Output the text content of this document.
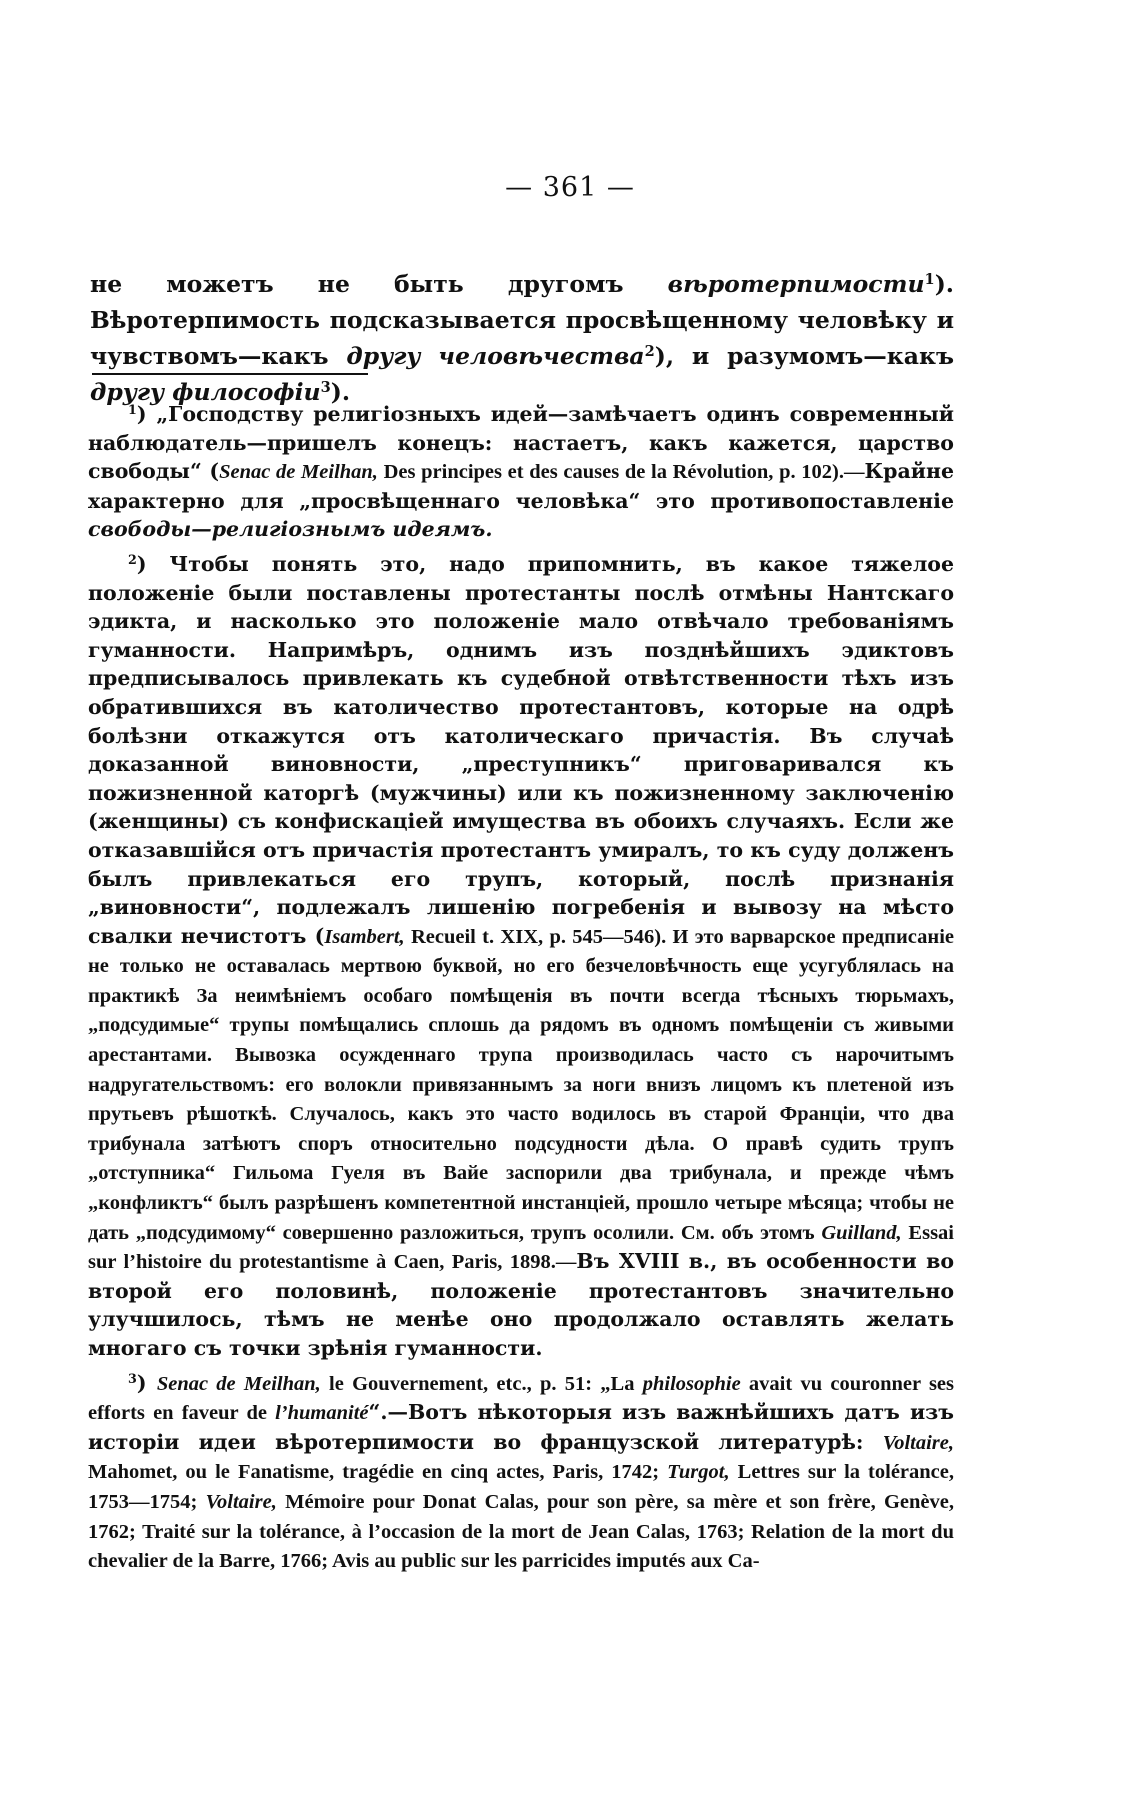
— 361 —

не можетъ не быть другомъ вѣротерпимости$^1$). Вѣротерпимость подсказывается просвѣщенному человѣку и чувствомъ—какъ другу человѣчества$^2$), и разумомъ—какъ другу философіи$^3$).

$^1$) „Господству религіозныхъ идей—замѣчаетъ одинъ современный наблюдатель—пришелъ конецъ: настаетъ, какъ кажется, царство свободы“ (Senac de Meilhan, Des principes et des causes de la Révolution, p. 102).—Крайне характерно для „просвѣщеннаго человѣка“ это противопоставленіе свободы—религіознымъ идеямъ.

$^2$) Чтобы понять это, надо припомнить, въ какое тяжелое положеніе были поставлены протестанты послѣ отмѣны Нантскаго эдикта, и насколько это положеніе мало отвѣчало требованіямъ гуманности. Напримѣръ, однимъ изъ позднѣйшихъ эдиктовъ предписывалось привлекать къ судебной отвѣтственности тѣхъ изъ обратившихся въ католичество протестантовъ, которые на одрѣ болѣзни откажутся отъ католическаго причастія. Въ случаѣ доказанной виновности, „преступникъ“ приговаривался къ пожизненной каторгѣ (мужчины) или къ пожизненному заключенію (женщины) съ конфискаціей имущества въ обоихъ случаяхъ. Если же отказавшійся отъ причастія протестантъ умиралъ, то къ суду долженъ былъ привлекаться его трупъ, который, послѣ признанія „виновности“, подлежалъ лишенію погребенія и вывозу на мѣсто свалки нечистотъ (Isambert, Recueil t. XIX, p. 545—546). И это варварское предписаніе не только не оставалась мертвою буквой, но его безчеловѣчность еще усугублялась на практикѣ За неимѣніемъ особаго помѣщенія въ почти всегда тѣсныхъ тюрьмахъ, „подсудимые“ трупы помѣщались сплошь да рядомъ въ одномъ помѣщеніи съ живыми арестантами. Вывозка осужденнаго трупа производилась часто съ нарочитымъ надругательствомъ: его волокли привязаннымъ за ноги внизъ лицомъ къ плетеной изъ прутьевъ рѣшоткѣ. Случалось, какъ это часто водилось въ старой Франціи, что два трибунала затѣютъ споръ относительно подсудности дѣла. О правѣ судить трупъ „отступника“ Гильома Гуеля въ Вайе заспорили два трибунала, и прежде чѣмъ „конфликтъ“ былъ разрѣшенъ компетентной инстанціей, прошло четыре мѣсяца; чтобы не дать „подсудимому“ совершенно разложиться, трупъ осолили. См. объ этомъ Guilland, Essai sur l’histoire du protestantisme à Caen, Paris, 1898.—Въ XVIII в., въ особенности во второй его половинѣ, положеніе протестантовъ значительно улучшилось, тѣмъ не менѣе оно продолжало оставлять желать многаго съ точки зрѣнія гуманности.

$^3$) Senac de Meilhan, le Gouvernement, etc., p. 51: „La philosophie avait vu couronner ses efforts en faveur de l’humanité“.—Вотъ нѣкоторыя изъ важнѣйшихъ датъ изъ исторіи идеи вѣротерпимости во французской литературѣ: Voltaire, Mahomet, ou le Fanatisme, tragédie en cinq actes, Paris, 1742; Turgot, Lettres sur la tolérance, 1753—1754; Voltaire, Mémoire pour Donat Calas, pour son père, sa mère et son frère, Genève, 1762; Traité sur la tolérance, à l’occasion de la mort de Jean Calas, 1763; Relation de la mort du chevalier de la Barre, 1766; Avis au public sur les parricides imputés aux Ca-
